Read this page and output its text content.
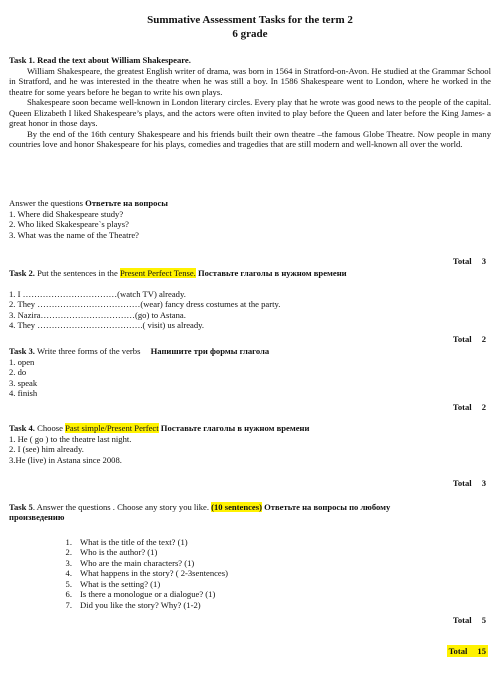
Summative Assessment Tasks for the term 2
6 grade
Task 1. Read the text about William Shakespeare.

William Shakespeare, the greatest English writer of drama, was born in 1564 in Stratford-on-Avon. He studied at the Grammar School in Stratford, and he was interested in the theatre when he was still a boy. In 1586 Shakespeare went to London, where he worked in the theatre for some years before he began to write his own plays.

Shakespeare soon became well-known in London literary circles. Every play that he wrote was good news to the people of the capital. Queen Elizabeth I liked Shakespeare’s plays, and the actors were often invited to play before the Queen and later before the King James- a great honor in those days.

By the end of the 16th century Shakespeare and his friends built their own theatre –the famous Globe Theatre. Now people in many countries love and honor Shakespeare for his plays, comedies and tragedies that are still modern and well-known all over the world.

Answer the questions Ответьте на вопросы
1. Where did Shakespeare study?
2. Who liked Skakespeare`s plays?
3. What was the name of the Theatre?
Total 3
Task 2. Put the sentences in the Present Perfect Tense. Поставьте глаголы в нужном времени
1. I ……………………………(watch TV) already.
2. They ………………………………(wear) fancy dress costumes at the party.
3. Nazira……………………………(go) to Astana.
4. They ……………………………….( visit) us already.
Total 2
Task 3. Write three forms of the verbs Напишите три формы глагола
1. open
2. do
3. speak
4. finish
Total 2
Task 4. Choose Past simple/Present Perfect Поставьте глаголы в нужном времени
1. He ( go ) to the theatre last night.
2. I (see) him already.
3.He (live) in Astana since 2008.
Total 3
Task 5. Answer the questions . Choose any story you like. (10 sentences) Ответьте на вопросы по любому
произведению
1. What is the title of the text? (1)
2. Who is the author? (1)
3. Who are the main characters? (1)
4. What happens in the story? ( 2-3sentences)
5. What is the setting? (1)
6. Is there a monologue or a dialogue? (1)
7. Did you like the story? Why? (1-2)
Total 5
Total 15
